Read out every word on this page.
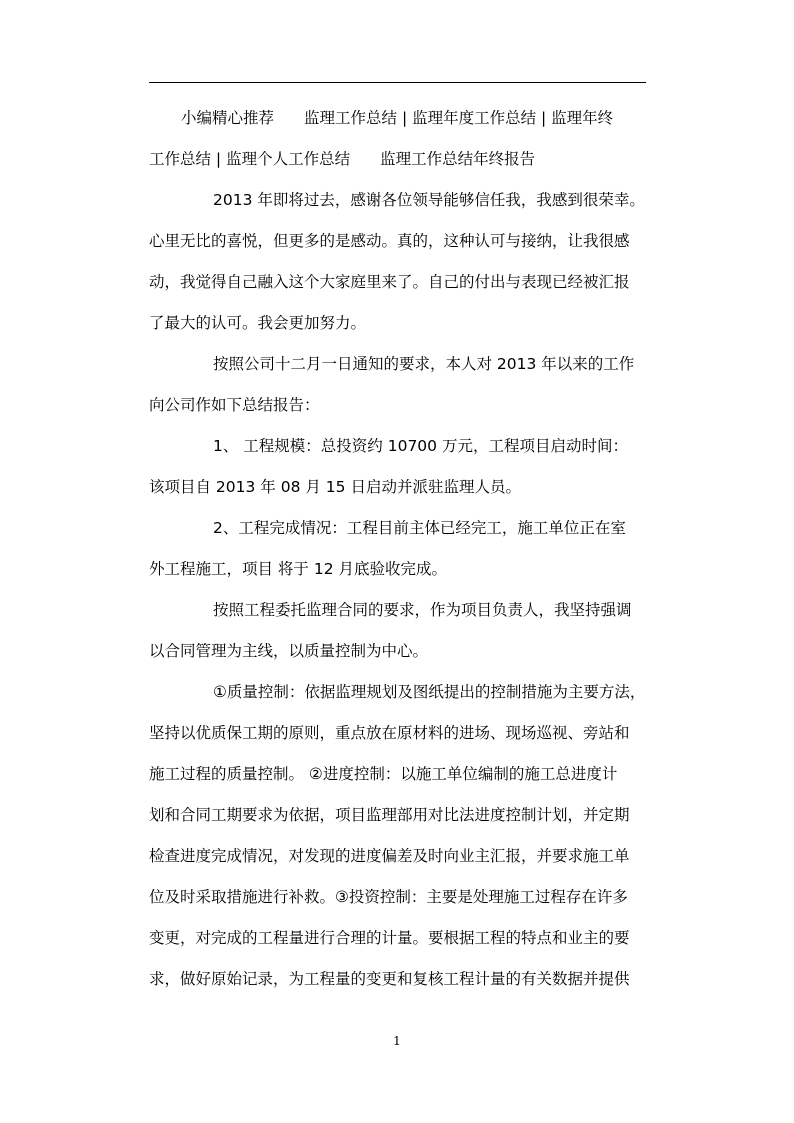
小编精心推荐 监理工作总结 | 监理年度工作总结 | 监理年终
工作总结 | 监理个人工作总结 监理工作总结年终报告
2013 年即将过去，感谢各位领导能够信任我，我感到很荣幸。
心里无比的喜悦，但更多的是感动。真的，这种认可与接纳，让我很感
动，我觉得自己融入这个大家庭里来了。自己的付出与表现已经被汇报
了最大的认可。我会更加努力。
按照公司十二月一日通知的要求，本人对 2013 年以来的工作
向公司作如下总结报告：
1、 工程规模：总投资约 10700 万元，工程项目启动时间：
该项目自 2013 年 08 月 15 日启动并派驻监理人员。
2、工程完成情况：工程目前主体已经完工，施工单位正在室
外工程施工，项目 将于 12 月底验收完成。
按照工程委托监理合同的要求，作为项目负责人，我坚持强调
以合同管理为主线，以质量控制为中心。
①质量控制：依据监理规划及图纸提出的控制措施为主要方法，
坚持以优质保工期的原则，重点放在原材料的进场、现场巡视、旁站和
施工过程的质量控制。 ②进度控制：以施工单位编制的施工总进度计
划和合同工期要求为依据，项目监理部用对比法进度控制计划，并定期
检查进度完成情况，对发现的进度偏差及时向业主汇报，并要求施工单
位及时采取措施进行补救。③投资控制：主要是处理施工过程存在许多
变更，对完成的工程量进行合理的计量。要根据工程的特点和业主的要
求，做好原始记录，为工程量的变更和复核工程计量的有关数据并提供
1
